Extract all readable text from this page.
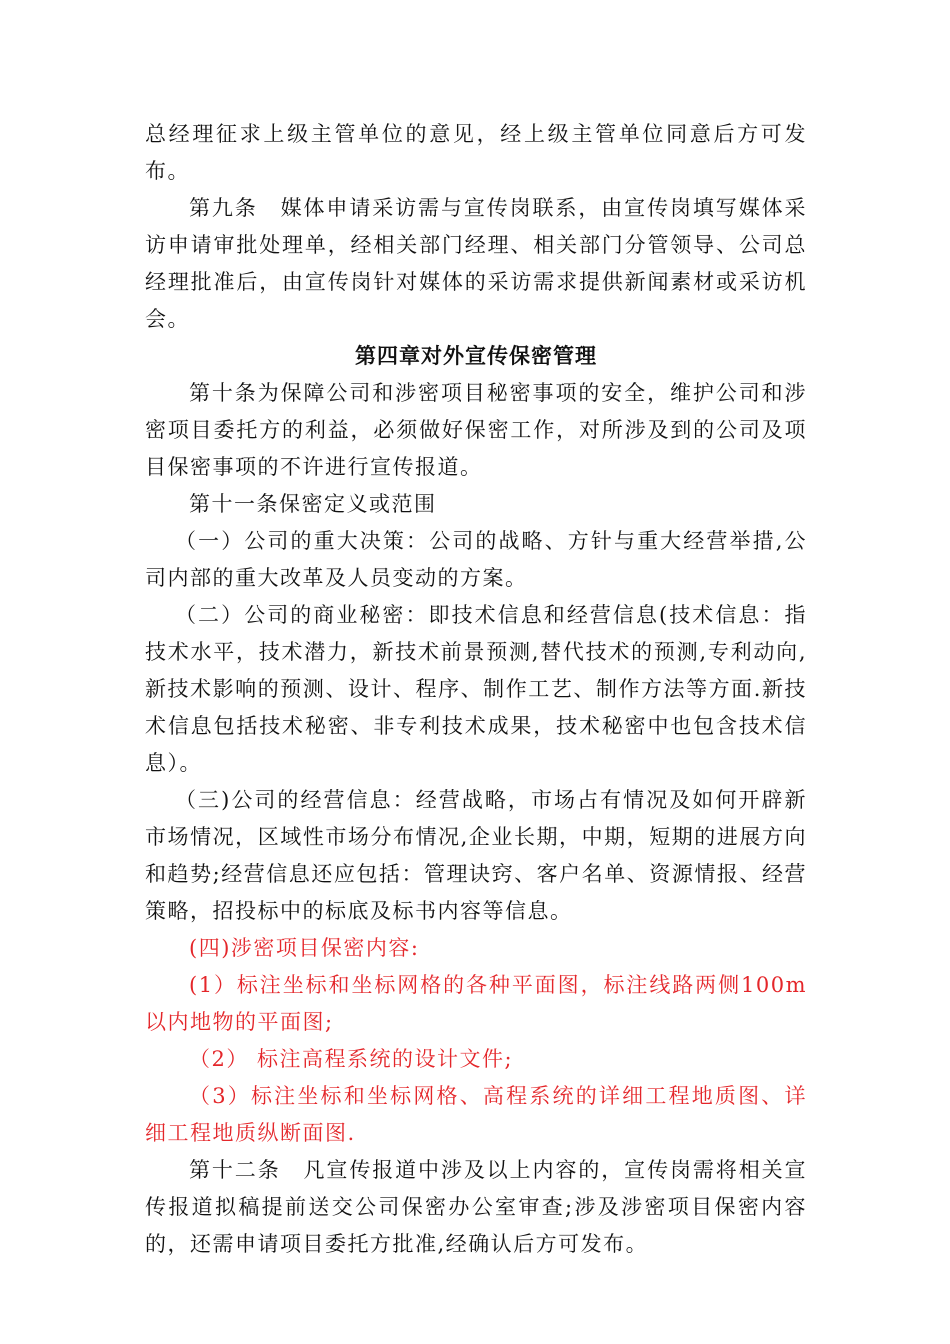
总经理征求上级主管单位的意见，经上级主管单位同意后方可发布。

第九条　媒体申请采访需与宣传岗联系，由宣传岗填写媒体采访申请审批处理单，经相关部门经理、相关部门分管领导、公司总经理批准后，由宣传岗针对媒体的采访需求提供新闻素材或采访机会。

第四章对外宣传保密管理

第十条为保障公司和涉密项目秘密事项的安全，维护公司和涉密项目委托方的利益，必须做好保密工作，对所涉及到的公司及项目保密事项的不许进行宣传报道。

第十一条保密定义或范围

（一）公司的重大决策：公司的战略、方针与重大经营举措,公司内部的重大改革及人员变动的方案。

（二）公司的商业秘密：即技术信息和经营信息(技术信息：指技术水平，技术潜力，新技术前景预测,替代技术的预测,专利动向,新技术影响的预测、设计、程序、制作工艺、制作方法等方面.新技术信息包括技术秘密、非专利技术成果，技术秘密中也包含技术信息）。

（三)公司的经营信息：经营战略，市场占有情况及如何开辟新市场情况，区域性市场分布情况,企业长期，中期，短期的进展方向和趋势;经营信息还应包括：管理诀窍、客户名单、资源情报、经营策略，招投标中的标底及标书内容等信息。

(四)涉密项目保密内容:

(1）标注坐标和坐标网格的各种平面图，标注线路两侧100m以内地物的平面图;

（2） 标注高程系统的设计文件;

（3）标注坐标和坐标网格、高程系统的详细工程地质图、详细工程地质纵断面图.

第十二条　凡宣传报道中涉及以上内容的，宣传岗需将相关宣传报道拟稿提前送交公司保密办公室审查;涉及涉密项目保密内容的，还需申请项目委托方批准,经确认后方可发布。
